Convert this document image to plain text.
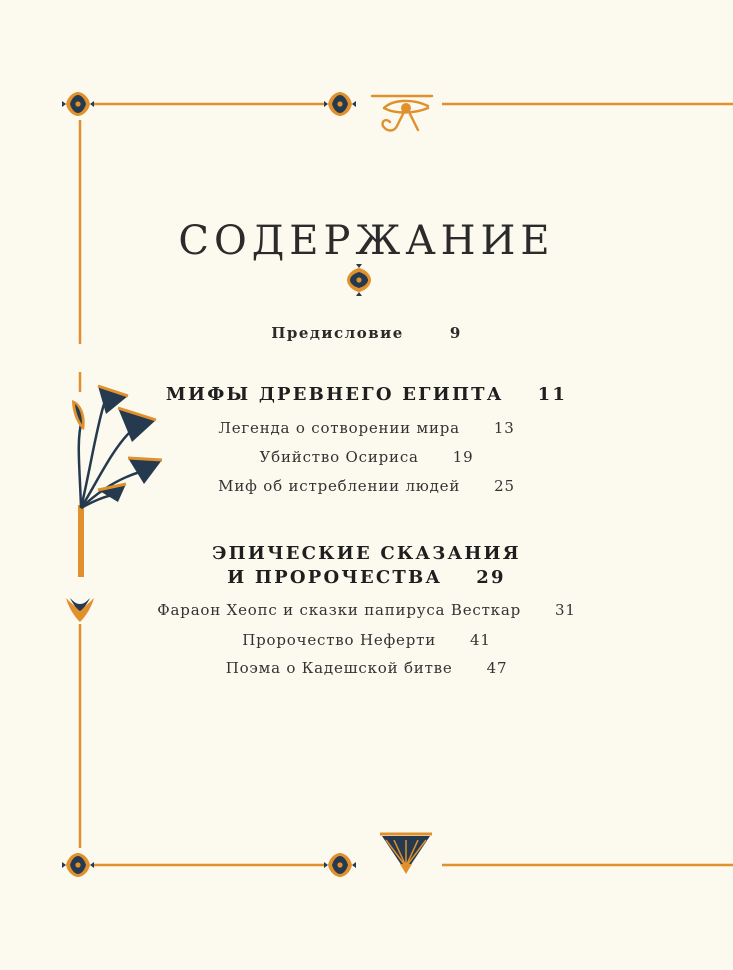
СОДЕРЖАНИЕ
Предисловие	9
МИФЫ ДРЕВНЕГО ЕГИПТА 11
Легенда о сотворении мира 13
Убийство Осириса 19
Миф об истреблении людей 25
ЭПИЧЕСКИЕ СКАЗАНИЯ
И ПРОРОЧЕСТВА 29
Фараон Хеопс и сказки папируса Весткар 31
Пророчество Неферти 41
Поэма о Кадешской битве 47
